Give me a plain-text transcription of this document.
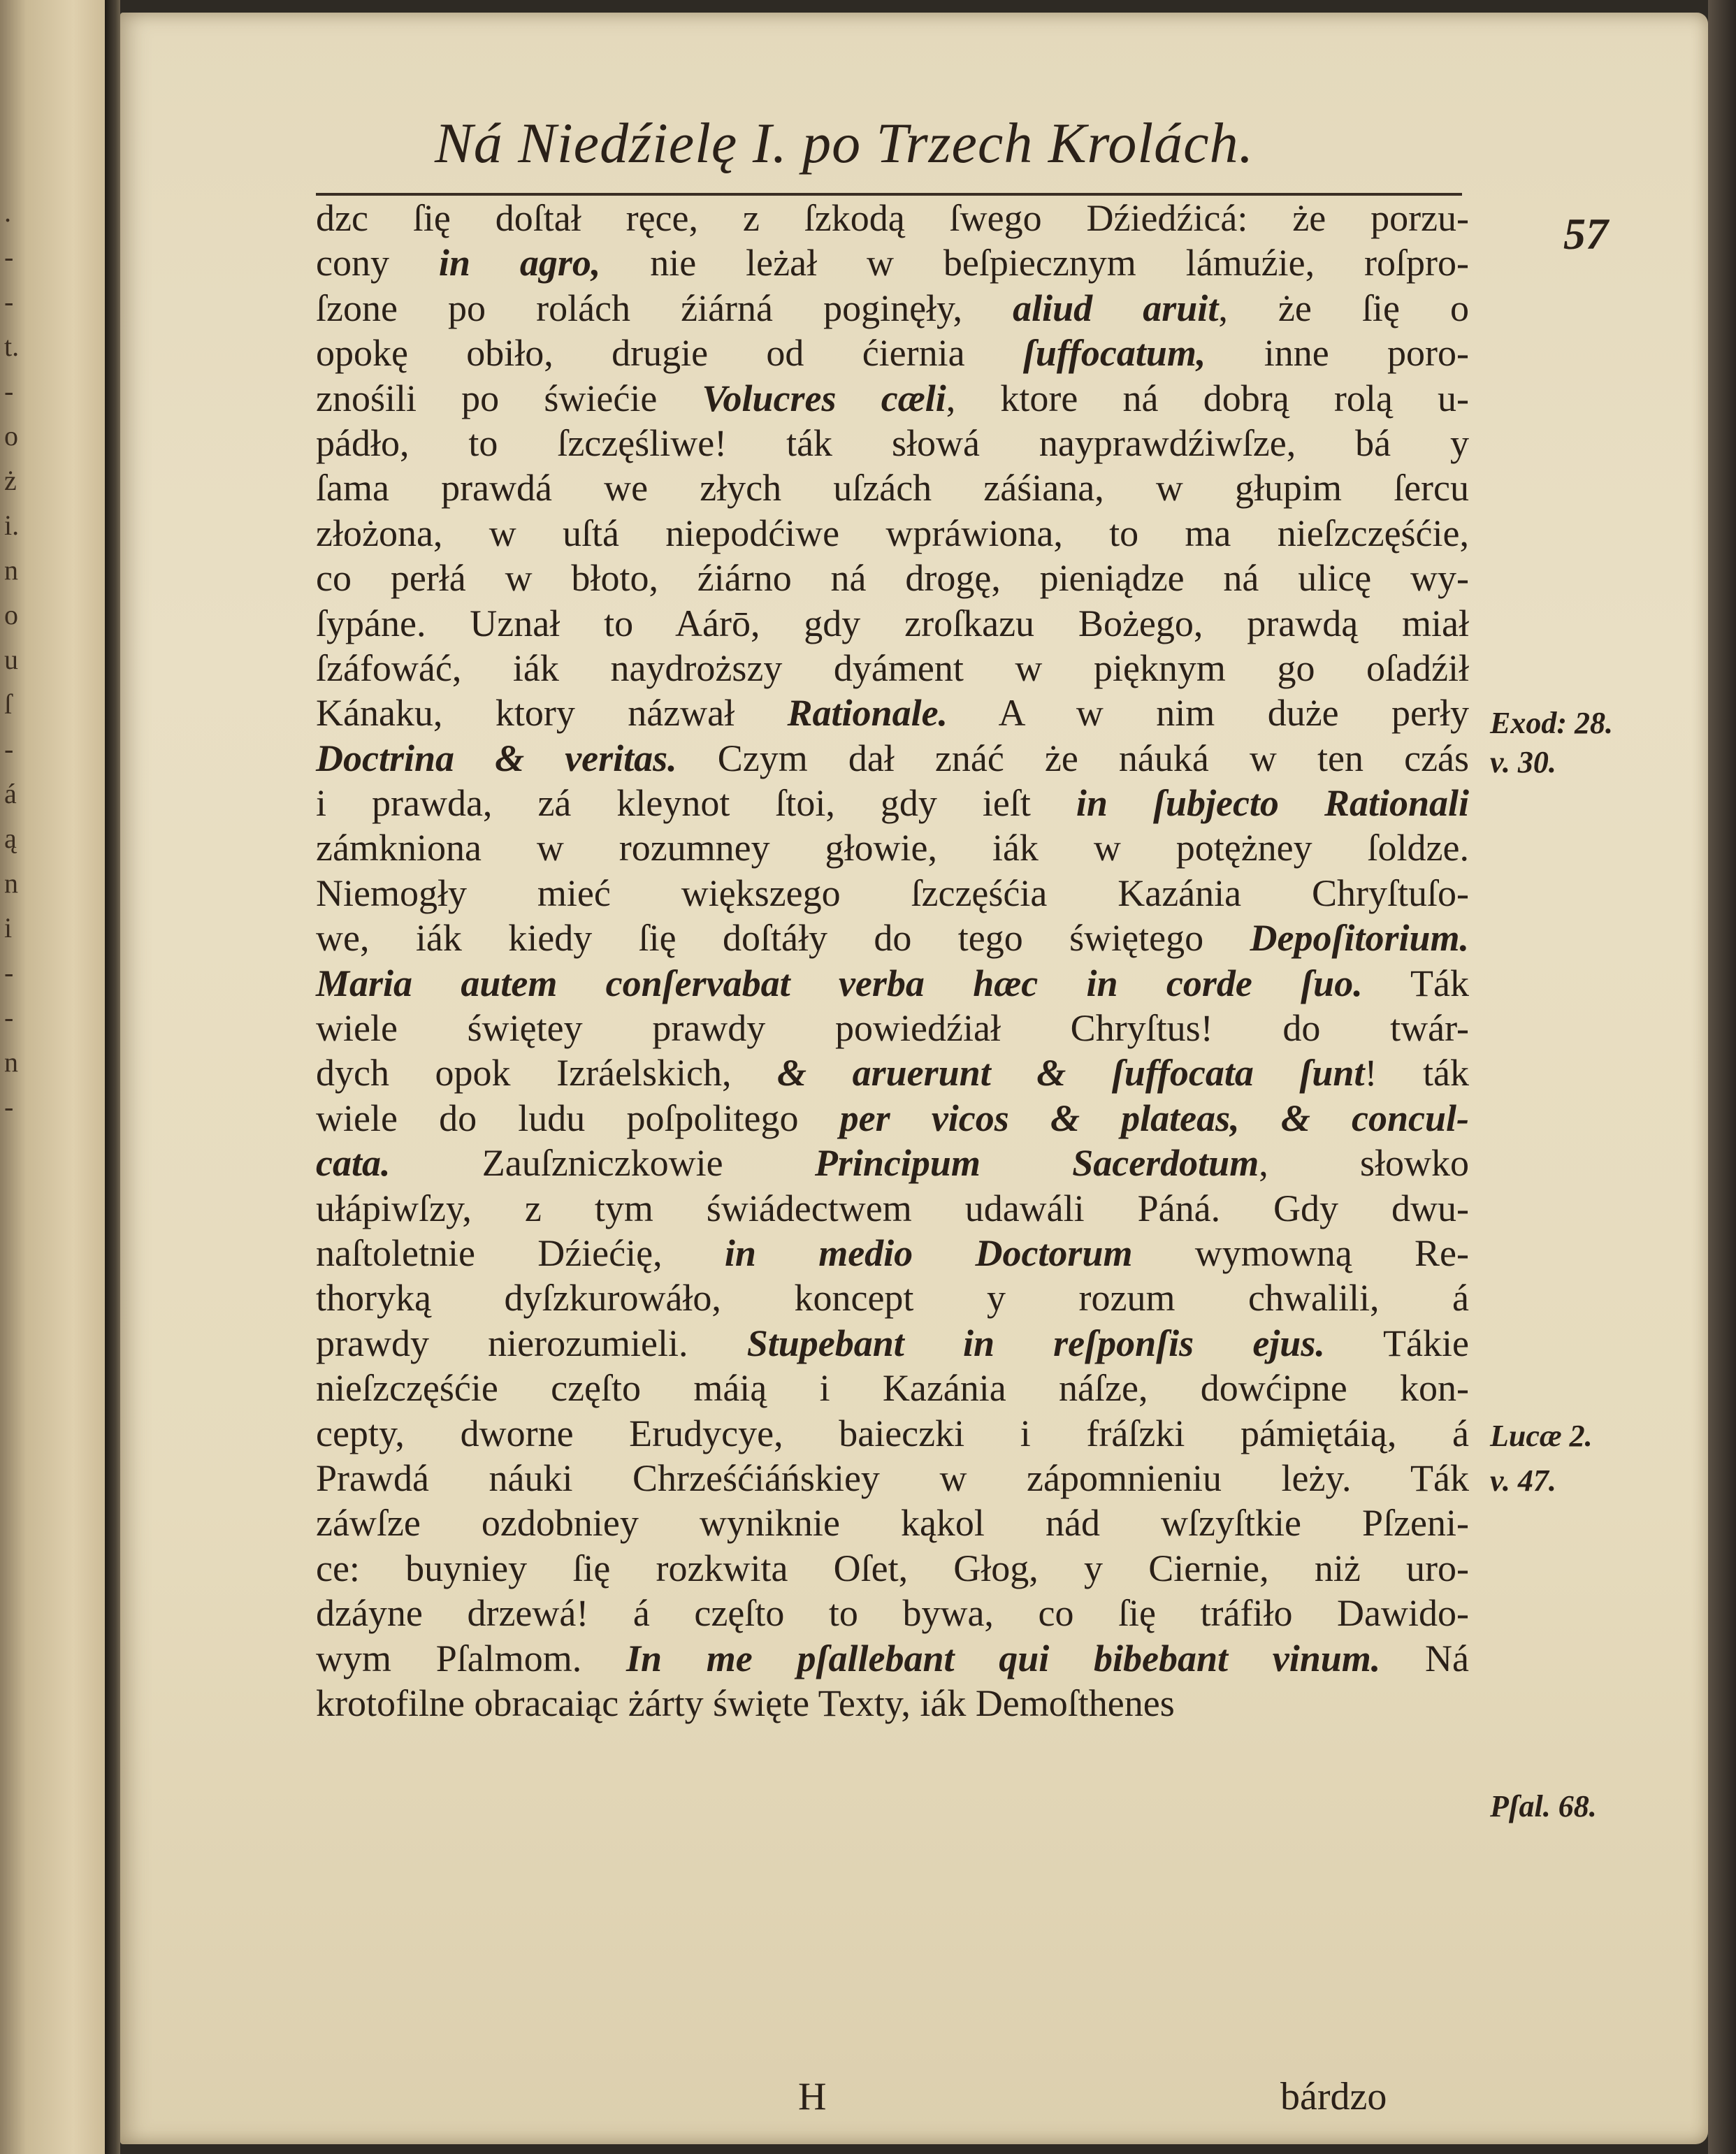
.
-
-
t.
-
o
ż
i.
n
o
u
ſ
-
á
ą
n
i
-
-
n
-
Ná Niedźielę I. po Trzech Krolách.
57
dzc ſię doſtał ręce, z ſzkodą ſwego Dźiedźicá: że porzu-
cony in agro, nie leżał w beſpiecznym lámuźie, roſpro-
ſzone po rolách źiárná poginęły, aliud aruit, że ſię o
opokę obiło, drugie od ćiernia ſuffocatum, inne poro-
znośili po świećie Volucres cæli, ktore ná dobrą rolą u-
pádło, to ſzczęśliwe! ták słowá nayprawdźiwſze, bá y
ſama prawdá we złych uſzách záśiana, w głupim ſercu
złożona, w uſtá niepodćiwe wpráwiona, to ma nieſzczęśćie,
co perłá w błoto, źiárno ná drogę, pieniądze ná ulicę wy-
ſypáne. Uznał to Aárō, gdy zroſkazu Bożego, prawdą miał
ſzáfowáć, iák naydroższy dyáment w pięknym go oſadźił
Kánaku, ktory názwał Rationale. A w nim duże perły
Doctrina & veritas. Czym dał znáć że náuká w ten czás
i prawda, zá kleynot ſtoi, gdy ieſt in ſubjecto Rationali
zámkniona w rozumney głowie, iák w potężney ſoldze.
Niemogły mieć większego ſzczęśćia Kazánia Chryſtuſo-
we, iák kiedy ſię doſtáły do tego świętego Depoſitorium.
Maria autem conſervabat verba hæc in corde ſuo. Ták
wiele świętey prawdy powiedźiał Chryſtus! do twár-
dych opok Izráelskich, & aruerunt & ſuffocata ſunt! ták
wiele do ludu poſpolitego per vicos & plateas, & concul-
cata. Zauſzniczkowie Principum Sacerdotum, słowko
ułápiwſzy, z tym świádectwem udawáli Páná. Gdy dwu-
naſtoletnie Dźiećię, in medio Doctorum wymowną Re-
thoryką dyſzkurowáło, koncept y rozum chwalili, á
prawdy nierozumieli. Stupebant in reſponſis ejus. Tákie
nieſzczęśćie częſto máią i Kazánia náſze, dowćipne kon-
cepty, dworne Erudycye, baieczki i fráſzki pámiętáią, á
Prawdá náuki Chrześćiáńskiey w zápomnieniu leży. Ták
záwſze ozdobniey wyniknie kąkol nád wſzyſtkie Pſzeni-
ce: buyniey ſię rozkwita Oſet, Głog, y Ciernie, niż uro-
dzáyne drzewá! á częſto to bywa, co ſię tráfiło Dawido-
wym Pſalmom. In me pſallebant qui bibebant vinum. Ná
krotofilne obracaiąc żárty święte Texty, iák Demoſthenes
Exod: 28.
v. 30.
Lucæ 2.
v. 47.
Pſal. 68.
H	bárdzo
